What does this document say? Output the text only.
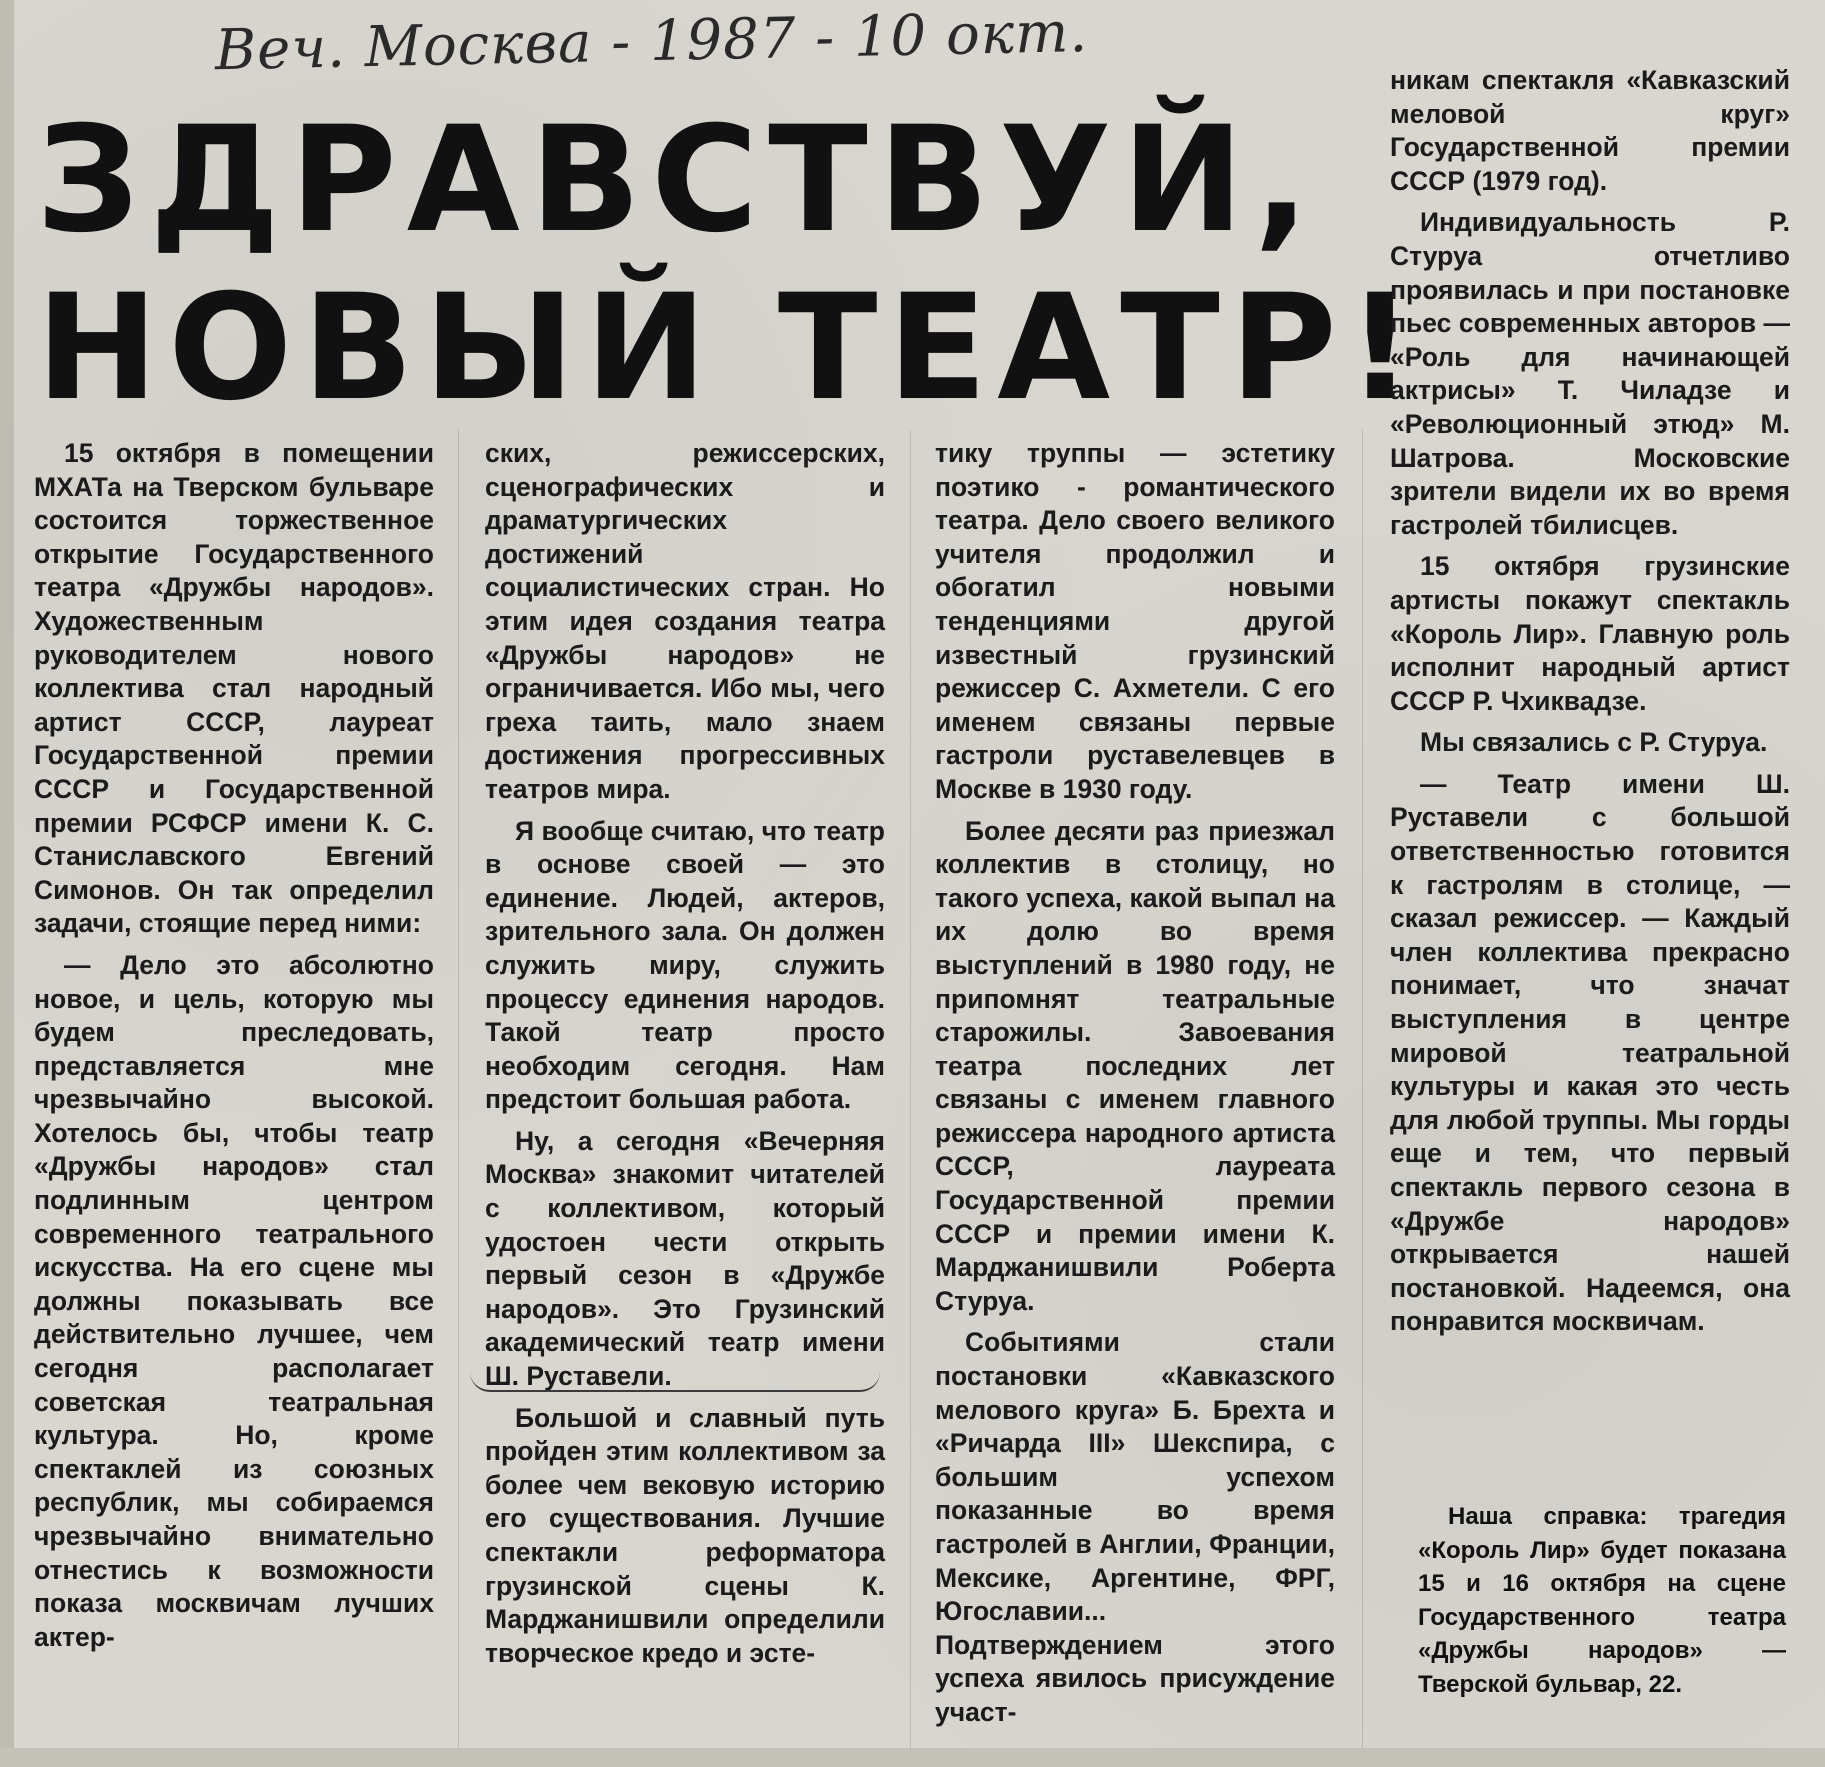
Веч. Москва - 1987 - 10 окт.
ЗДРАВСТВУЙ,
НОВЫЙ ТЕАТР!

15 октября в помещении МХАТа на Тверском бульваре состоится торжественное открытие Государственного театра «Дружбы народов». Художественным руководителем нового коллектива стал народный артист СССР, лауреат Государственной премии СССР и Государственной премии РСФСР имени К. С. Станиславского Евгений Симонов. Он так определил задачи, стоящие перед ними:

— Дело это абсолютно новое, и цель, которую мы будем преследовать, представляется мне чрезвычайно высокой. Хотелось бы, чтобы театр «Дружбы народов» стал подлинным центром современного театрального искусства. На его сцене мы должны показывать все действительно лучшее, чем сегодня располагает советская театральная культура. Но, кроме спектаклей из союзных республик, мы собираемся чрезвычайно внимательно отнестись к возможности показа москвичам лучших актер-

ских, режиссерских, сценографических и драматургических достижений социалистических стран. Но этим идея создания театра «Дружбы народов» не ограничивается. Ибо мы, чего греха таить, мало знаем достижения прогрессивных театров мира.

Я вообще считаю, что театр в основе своей — это единение. Людей, актеров, зрительного зала. Он должен служить миру, служить процессу единения народов. Такой театр просто необходим сегодня. Нам предстоит большая работа.

Ну, а сегодня «Вечерняя Москва» знакомит читателей с коллективом, который удостоен чести открыть первый сезон в «Дружбе народов». Это Грузинский академический театр имени Ш. Руставели.

Большой и славный путь пройден этим коллективом за более чем вековую историю его существования. Лучшие спектакли реформатора грузинской сцены К. Марджанишвили определили творческое кредо и эсте-

тику труппы — эстетику поэтико - романтического театра. Дело своего великого учителя продолжил и обогатил новыми тенденциями другой известный грузинский режиссер С. Ахметели. С его именем связаны первые гастроли руставелевцев в Москве в 1930 году.

Более десяти раз приезжал коллектив в столицу, но такого успеха, какой выпал на их долю во время выступлений в 1980 году, не припомнят театральные старожилы. Завоевания театра последних лет связаны с именем главного режиссера народного артиста СССР, лауреата Государственной премии СССР и премии имени К. Марджанишвили Роберта Стуруа.

Событиями стали постановки «Кавказского мелового круга» Б. Брехта и «Ричарда III» Шекспира, с большим успехом показанные во время гастролей в Англии, Франции, Мексике, Аргентине, ФРГ, Югославии... Подтверждением этого успеха явилось присуждение участ-

никам спектакля «Кавказский меловой круг» Государственной премии СССР (1979 год).

Индивидуальность Р. Стуруа отчетливо проявилась и при постановке пьес современных авторов — «Роль для начинающей актрисы» Т. Чиладзе и «Революционный этюд» М. Шатрова. Московские зрители видели их во время гастролей тбилисцев.

15 октября грузинские артисты покажут спектакль «Король Лир». Главную роль исполнит народный артист СССР Р. Чхиквадзе.

Мы связались с Р. Стуруа.

— Театр имени Ш. Руставели с большой ответственностью готовится к гастролям в столице, — сказал режиссер. — Каждый член коллектива прекрасно понимает, что значат выступления в центре мировой театральной культуры и какая это честь для любой труппы. Мы горды еще и тем, что первый спектакль первого сезона в «Дружбе народов» открывается нашей постановкой. Надеемся, она понравится москвичам.

Наша справка: трагедия «Король Лир» будет показана 15 и 16 октября на сцене Государственного театра «Дружбы народов» — Тверской бульвар, 22.
